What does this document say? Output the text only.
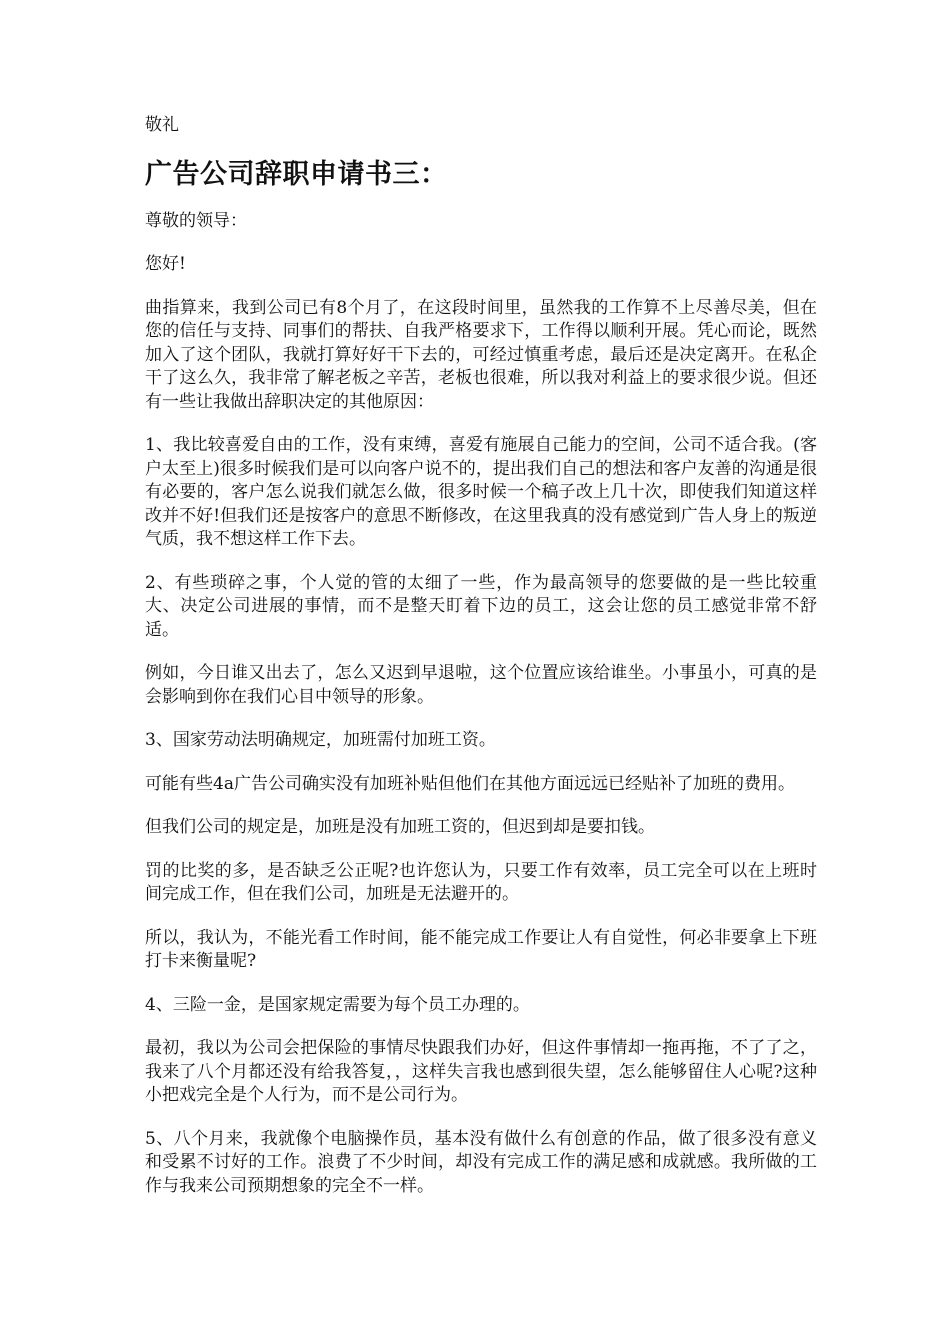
敬礼
广告公司辞职申请书三：

尊敬的领导：

您好!

曲指算来，我到公司已有8个月了，在这段时间里，虽然我的工作算不上尽善尽美，但在您的信任与支持、同事们的帮扶、自我严格要求下，工作得以顺利开展。凭心而论，既然加入了这个团队，我就打算好好干下去的，可经过慎重考虑，最后还是决定离开。在私企干了这么久，我非常了解老板之辛苦，老板也很难，所以我对利益上的要求很少说。但还有一些让我做出辞职决定的其他原因：

1、我比较喜爱自由的工作，没有束缚，喜爱有施展自己能力的空间，公司不适合我。(客户太至上)很多时候我们是可以向客户说不的，提出我们自己的想法和客户友善的沟通是很有必要的，客户怎么说我们就怎么做，很多时候一个稿子改上几十次，即使我们知道这样改并不好!但我们还是按客户的意思不断修改，在这里我真的没有感觉到广告人身上的叛逆气质，我不想这样工作下去。

2、有些琐碎之事，个人觉的管的太细了一些，作为最高领导的您要做的是一些比较重大、决定公司进展的事情，而不是整天盯着下边的员工，这会让您的员工感觉非常不舒适。

例如，今日谁又出去了，怎么又迟到早退啦，这个位置应该给谁坐。小事虽小，可真的是会影响到你在我们心目中领导的形象。

3、国家劳动法明确规定，加班需付加班工资。

可能有些4a广告公司确实没有加班补贴但他们在其他方面远远已经贴补了加班的费用。

但我们公司的规定是，加班是没有加班工资的，但迟到却是要扣钱。

罚的比奖的多，是否缺乏公正呢?也许您认为，只要工作有效率，员工完全可以在上班时间完成工作，但在我们公司，加班是无法避开的。

所以，我认为，不能光看工作时间，能不能完成工作要让人有自觉性，何必非要拿上下班打卡来衡量呢?

4、三险一金，是国家规定需要为每个员工办理的。

最初，我以为公司会把保险的事情尽快跟我们办好，但这件事情却一拖再拖，不了了之，我来了八个月都还没有给我答复，，这样失言我也感到很失望，怎么能够留住人心呢?这种小把戏完全是个人行为，而不是公司行为。

5、八个月来，我就像个电脑操作员，基本没有做什么有创意的作品，做了很多没有意义和受累不讨好的工作。浪费了不少时间，却没有完成工作的满足感和成就感。我所做的工作与我来公司预期想象的完全不一样。
